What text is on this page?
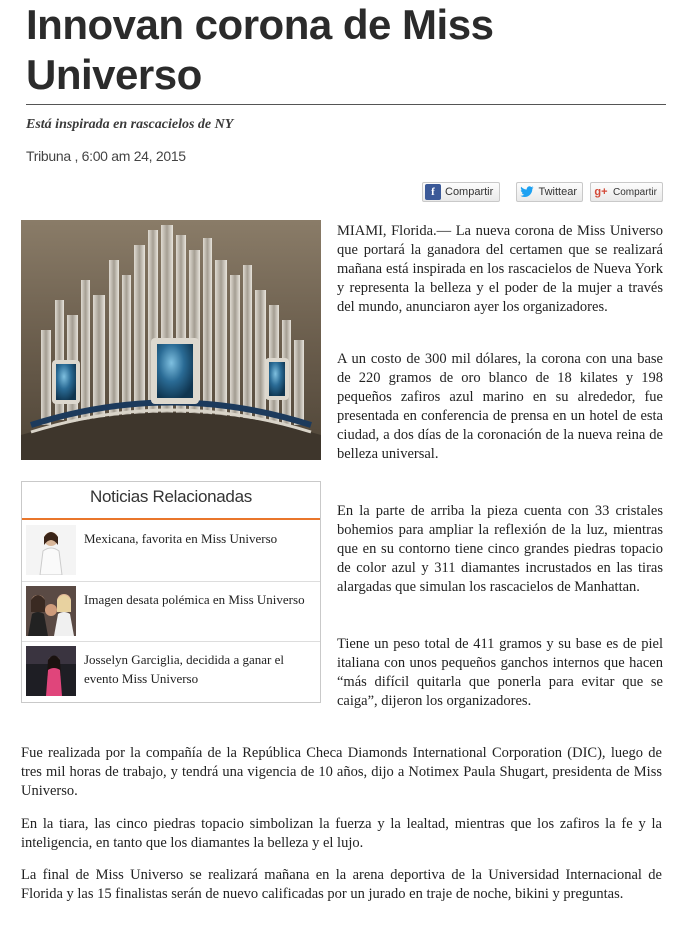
Innovan corona de Miss Universo
Está inspirada en rascacielos de NY
Tribuna , 6:00 am 24, 2015
f Compartir	Twittear g+ Compartir
Noticias Relacionadas
Mexicana, favorita en Miss Universo
Imagen desata polémica en Miss Universo
Josselyn Garciglia, decidida a ganar el evento Miss Universo

MIAMI, Florida.— La nueva corona de Miss Universo que portará la ganadora del certamen que se realizará mañana está inspirada en los rascacielos de Nueva York y representa la belleza y el poder de la mujer a través del mundo, anunciaron ayer los organizadores.

A un costo de 300 mil dólares, la corona con una base de 220 gramos de oro blanco de 18 kilates y 198 pequeños zafiros azul marino en su alrededor, fue presentada en conferencia de prensa en un hotel de esta ciudad, a dos días de la coronación de la nueva reina de belleza universal.

En la parte de arriba la pieza cuenta con 33 cristales bohemios para ampliar la reflexión de la luz, mientras que en su contorno tiene cinco grandes piedras topacio de color azul y 311 diamantes incrustados en las tiras alargadas que simulan los rascacielos de Manhattan.

Tiene un peso total de 411 gramos y su base es de piel italiana con unos pequeños ganchos internos que hacen “más difícil quitarla que ponerla para evitar que se caiga”, dijeron los organizadores.

Fue realizada por la compañía de la República Checa Diamonds International Corporation (DIC), luego de tres mil horas de trabajo, y tendrá una vigencia de 10 años, dijo a Notimex Paula Shugart, presidenta de Miss Universo.

En la tiara, las cinco piedras topacio simbolizan la fuerza y la lealtad, mientras que los zafiros la fe y la inteligencia, en tanto que los diamantes la belleza y el lujo.

La final de Miss Universo se realizará mañana en la arena deportiva de la Universidad Internacional de Florida y las 15 finalistas serán de nuevo calificadas por un jurado en traje de noche, bikini y preguntas.
